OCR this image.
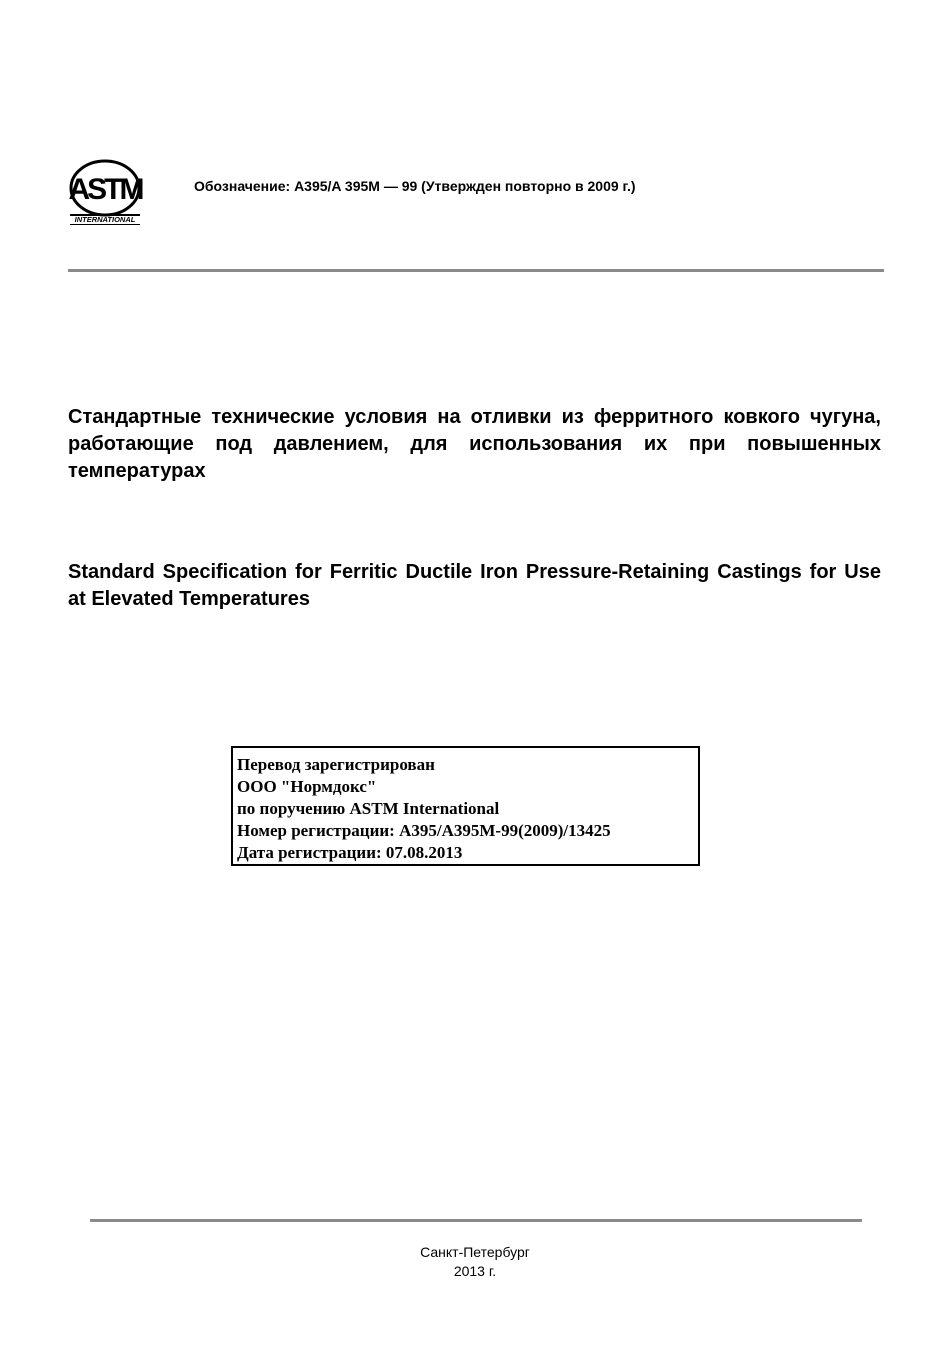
ASTM
INTERNATIONAL
Обозначение: A395/A 395M — 99 (Утвержден повторно в 2009 г.)
Стандартные технические условия на отливки из ферритного ковкого чугуна, работающие под давлением, для использования их при повышенных температурах
Standard Specification for Ferritic Ductile Iron Pressure-Retaining Castings for Use at Elevated Temperatures
Перевод зарегистрирован
ООО "Нормдокс"
по поручению ASTM International
Номер регистрации: A395/A395M-99(2009)/13425
Дата регистрации: 07.08.2013
Санкт-Петербург
2013 г.
